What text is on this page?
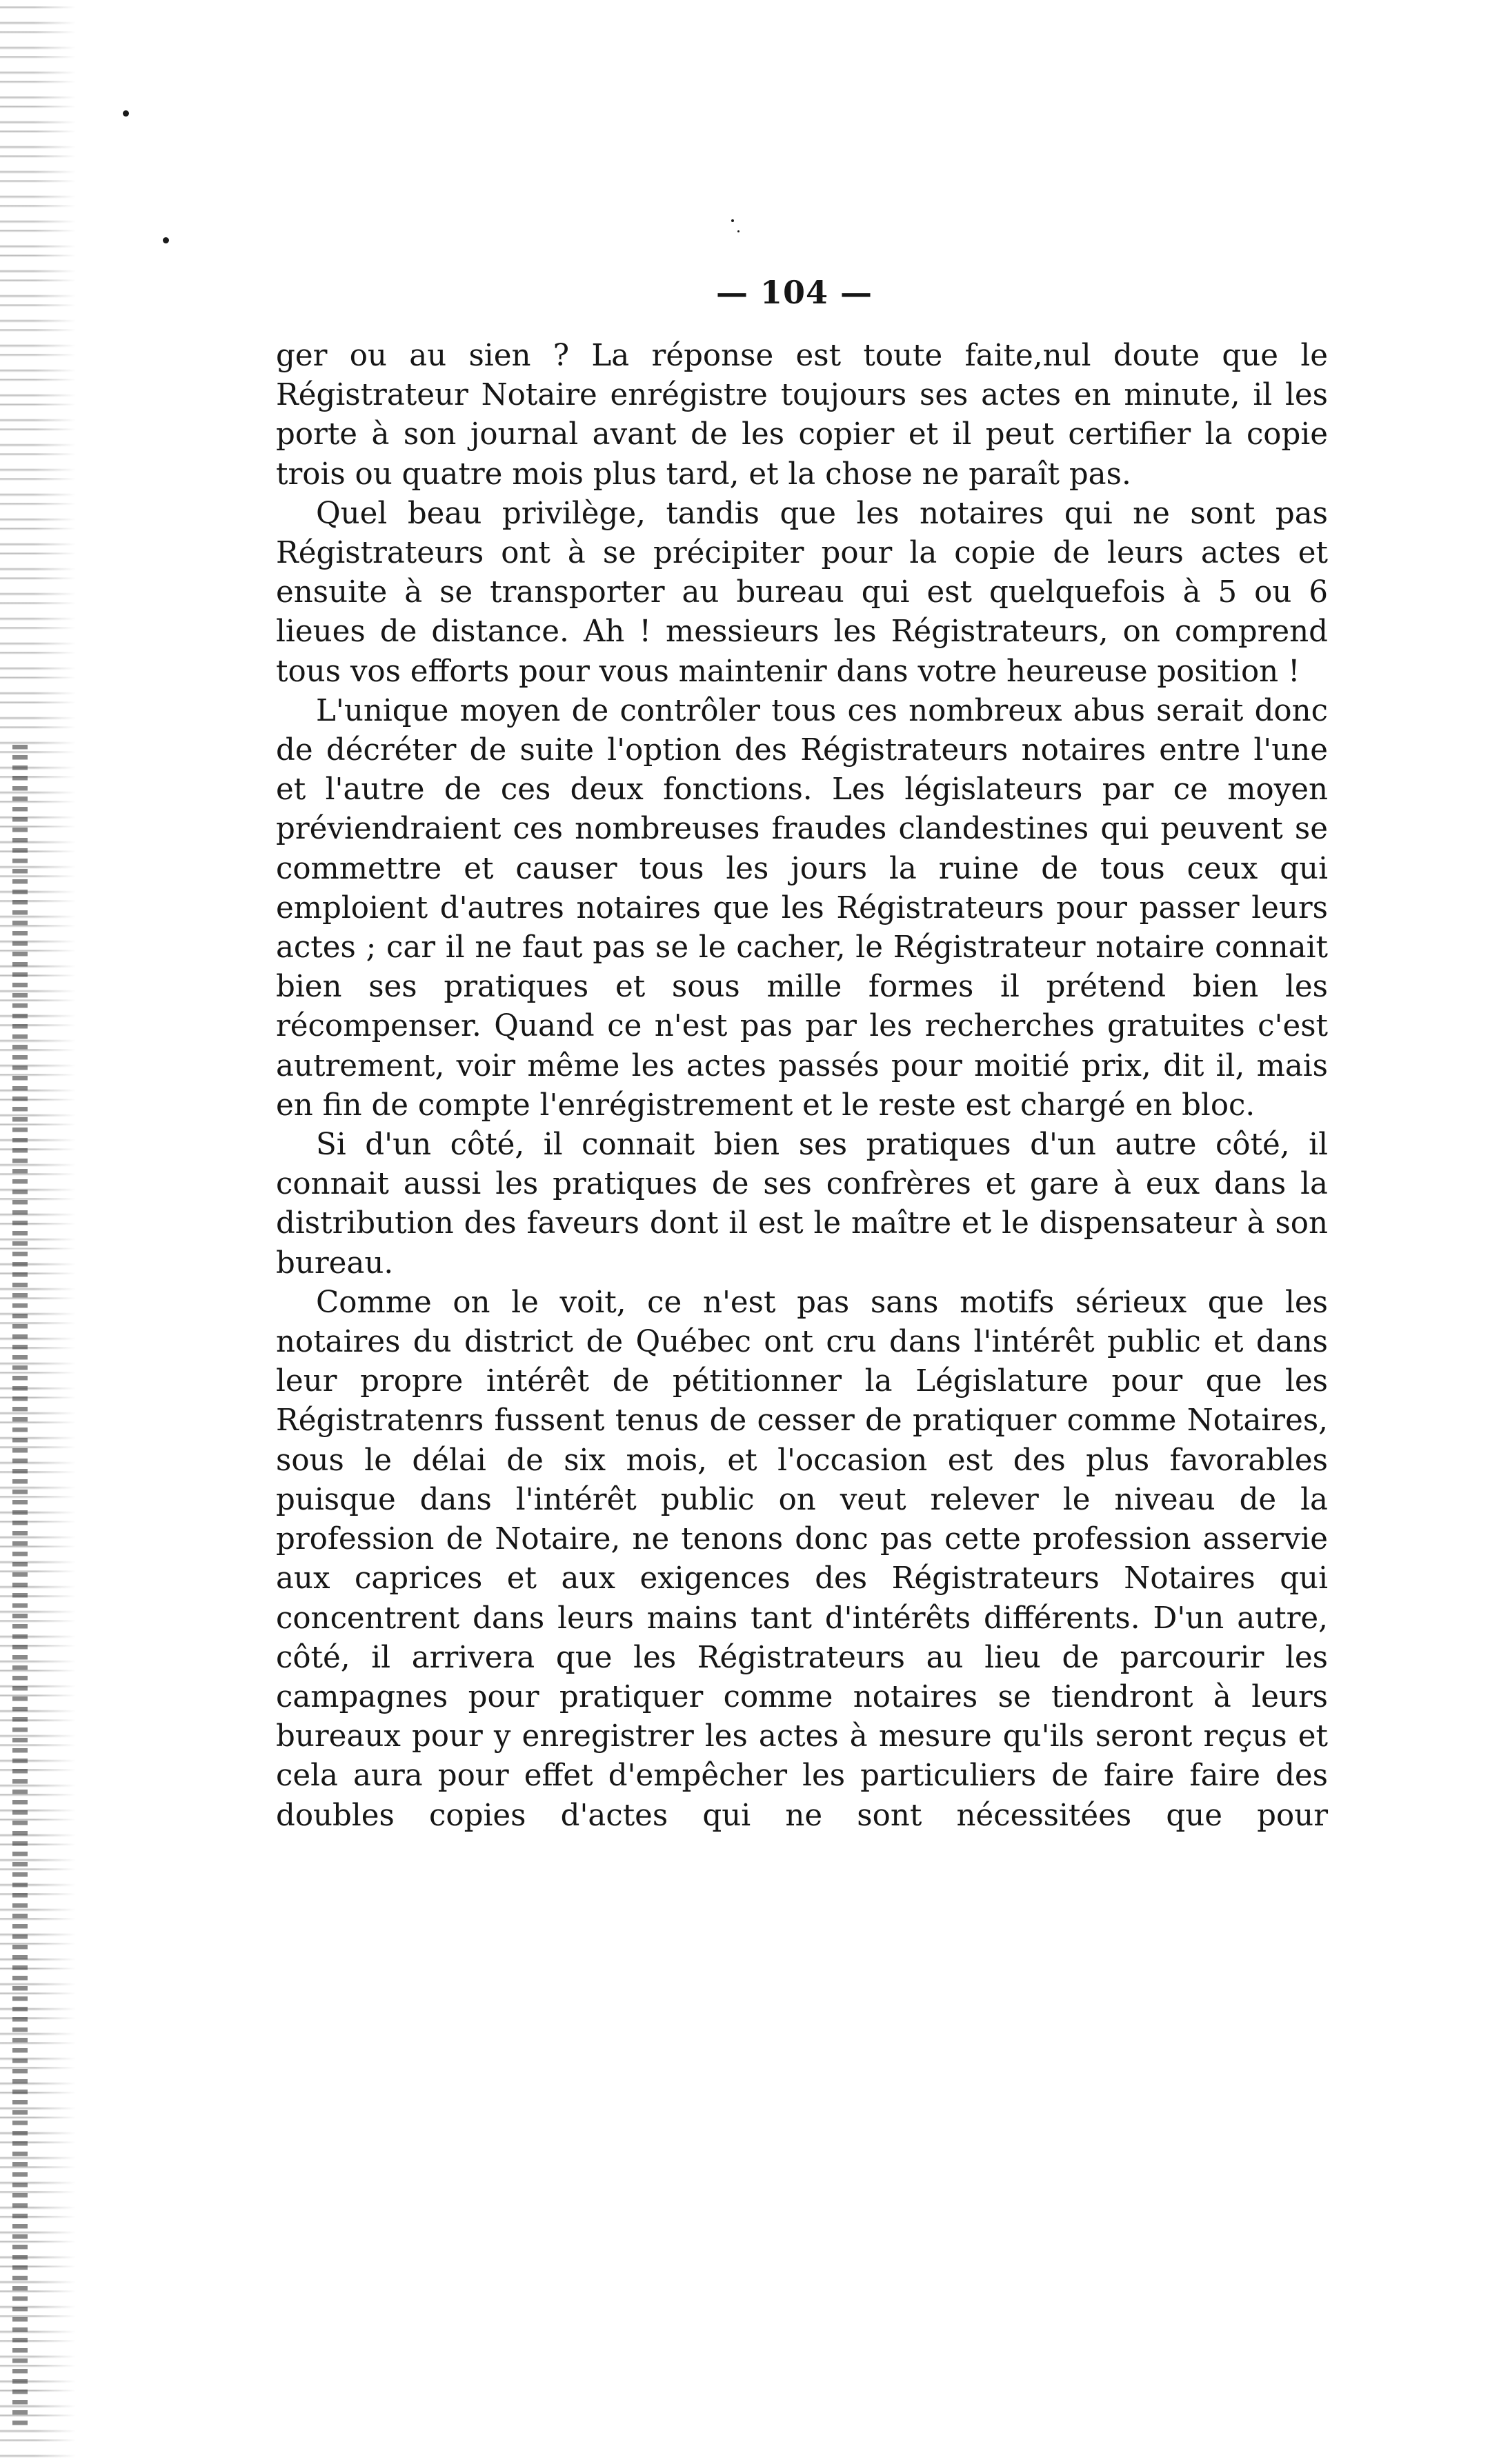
— 104 —

ger ou au sien ? La réponse est toute faite,nul doute que le Régistrateur Notaire enrégistre toujours ses actes en minute, il les porte à son journal avant de les copier et il peut certifier la copie trois ou quatre mois plus tard, et la chose ne paraît pas.

Quel beau privilège, tandis que les notaires qui ne sont pas Régistrateurs ont à se précipiter pour la copie de leurs actes et ensuite à se transporter au bureau qui est quelquefois à 5 ou 6 lieues de distance. Ah ! messieurs les Régistrateurs, on comprend tous vos efforts pour vous maintenir dans votre heureuse position !

L'unique moyen de contrôler tous ces nombreux abus serait donc de décréter de suite l'option des Régistrateurs notaires entre l'une et l'autre de ces deux fonctions. Les législateurs par ce moyen préviendraient ces nombreuses fraudes clandestines qui peuvent se commettre et causer tous les jours la ruine de tous ceux qui emploient d'autres notaires que les Régistrateurs pour passer leurs actes ; car il ne faut pas se le cacher, le Régistrateur notaire connait bien ses pratiques et sous mille formes il prétend bien les récompenser. Quand ce n'est pas par les recherches gratuites c'est autrement, voir même les actes passés pour moitié prix, dit il, mais en fin de compte l'enrégistrement et le reste est chargé en bloc.

Si d'un côté, il connait bien ses pratiques d'un autre côté, il connait aussi les pratiques de ses confrères et gare à eux dans la distribution des faveurs dont il est le maître et le dispensateur à son bureau.

Comme on le voit, ce n'est pas sans motifs sérieux que les notaires du district de Québec ont cru dans l'intérêt public et dans leur propre intérêt de pétitionner la Législature pour que les Régistratenrs fussent tenus de cesser de pratiquer comme Notaires, sous le délai de six mois, et l'occasion est des plus favorables puisque dans l'intérêt public on veut relever le niveau de la profession de Notaire, ne tenons donc pas cette profession asservie aux caprices et aux exigences des Régistrateurs Notaires qui concentrent dans leurs mains tant d'intérêts différents. D'un autre, côté, il arrivera que les Régistrateurs au lieu de parcourir les campagnes pour pratiquer comme notaires se tiendront à leurs bureaux pour y enregistrer les actes à mesure qu'ils seront reçus et cela aura pour effet d'empêcher les particuliers de faire faire des doubles copies d'actes qui ne sont nécessitées que pour
